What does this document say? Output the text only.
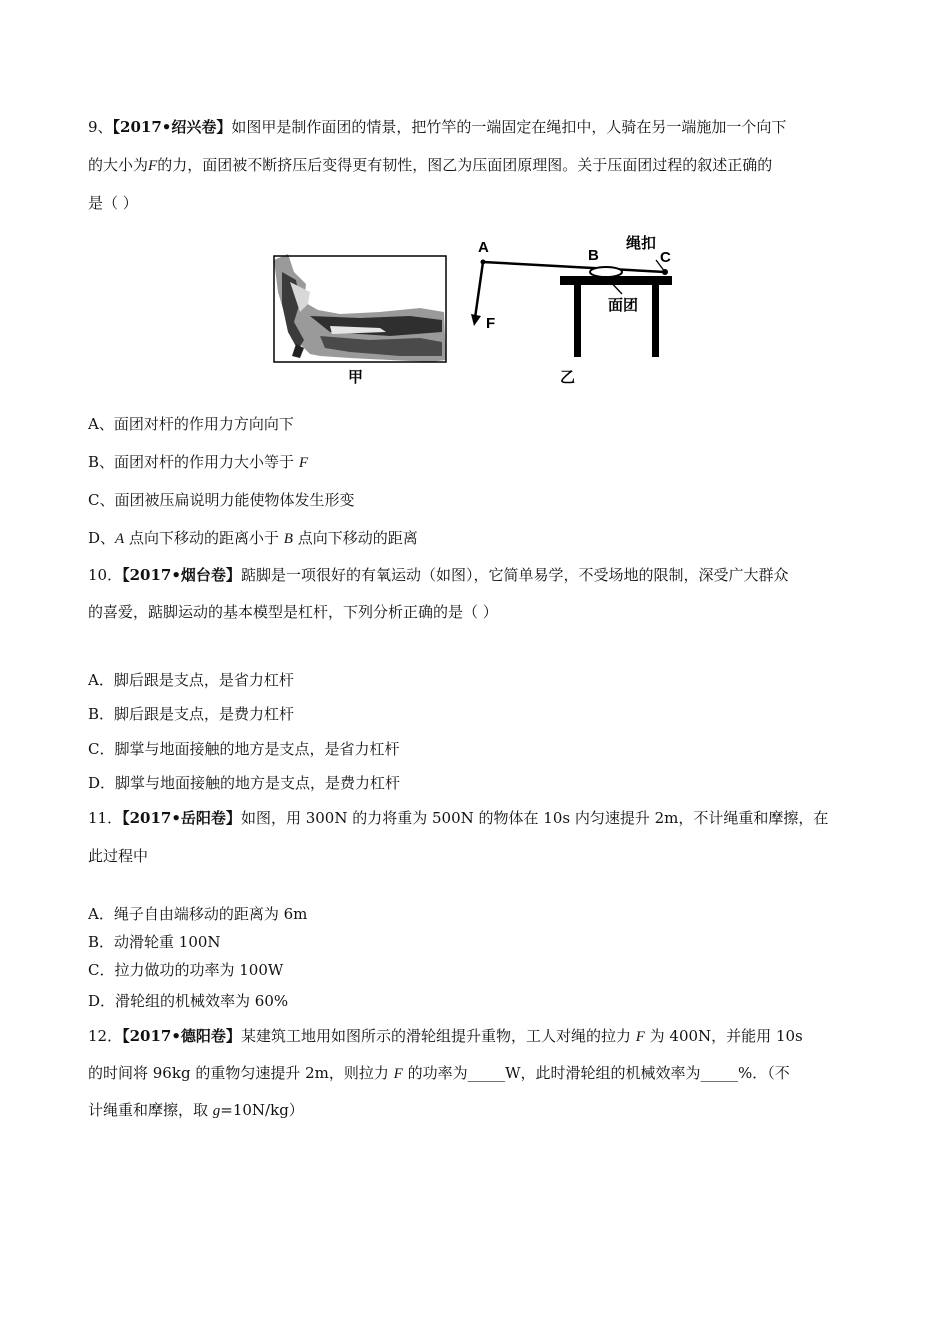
9、【2017•绍兴卷】如图甲是制作面团的情景，把竹竿的一端固定在绳扣中，人骑在另一端施加一个向下
的大小为F的力，面团被不断挤压后变得更有韧性，图乙为压面团原理图。关于压面团过程的叙述正确的
是（ ）
甲
A	B	C
F
绳扣
面团
乙
A、面团对杆的作用力方向向下
B、面团对杆的作用力大小等于 F
C、面团被压扁说明力能使物体发生形变
D、A 点向下移动的距离小于 B 点向下移动的距离
10．【2017•烟台卷】踮脚是一项很好的有氧运动（如图），它简单易学，不受场地的限制，深受广大群众
的喜爱，踮脚运动的基本模型是杠杆，下列分析正确的是（ ）
A．脚后跟是支点，是省力杠杆
B．脚后跟是支点，是费力杠杆
C．脚掌与地面接触的地方是支点，是省力杠杆
D．脚掌与地面接触的地方是支点，是费力杠杆
11．【2017•岳阳卷】如图，用 300N 的力将重为 500N 的物体在 10s 内匀速提升 2m，不计绳重和摩擦，在
此过程中
A．绳子自由端移动的距离为 6m
B．动滑轮重 100N
C．拉力做功的功率为 100W
D．滑轮组的机械效率为 60%
12．【2017•德阳卷】某建筑工地用如图所示的滑轮组提升重物，工人对绳的拉力 F 为 400N，并能用 10s
的时间将 96kg 的重物匀速提升 2m，则拉力 F 的功率为_____W，此时滑轮组的机械效率为_____%．（不
计绳重和摩擦，取 g=10N/kg）
